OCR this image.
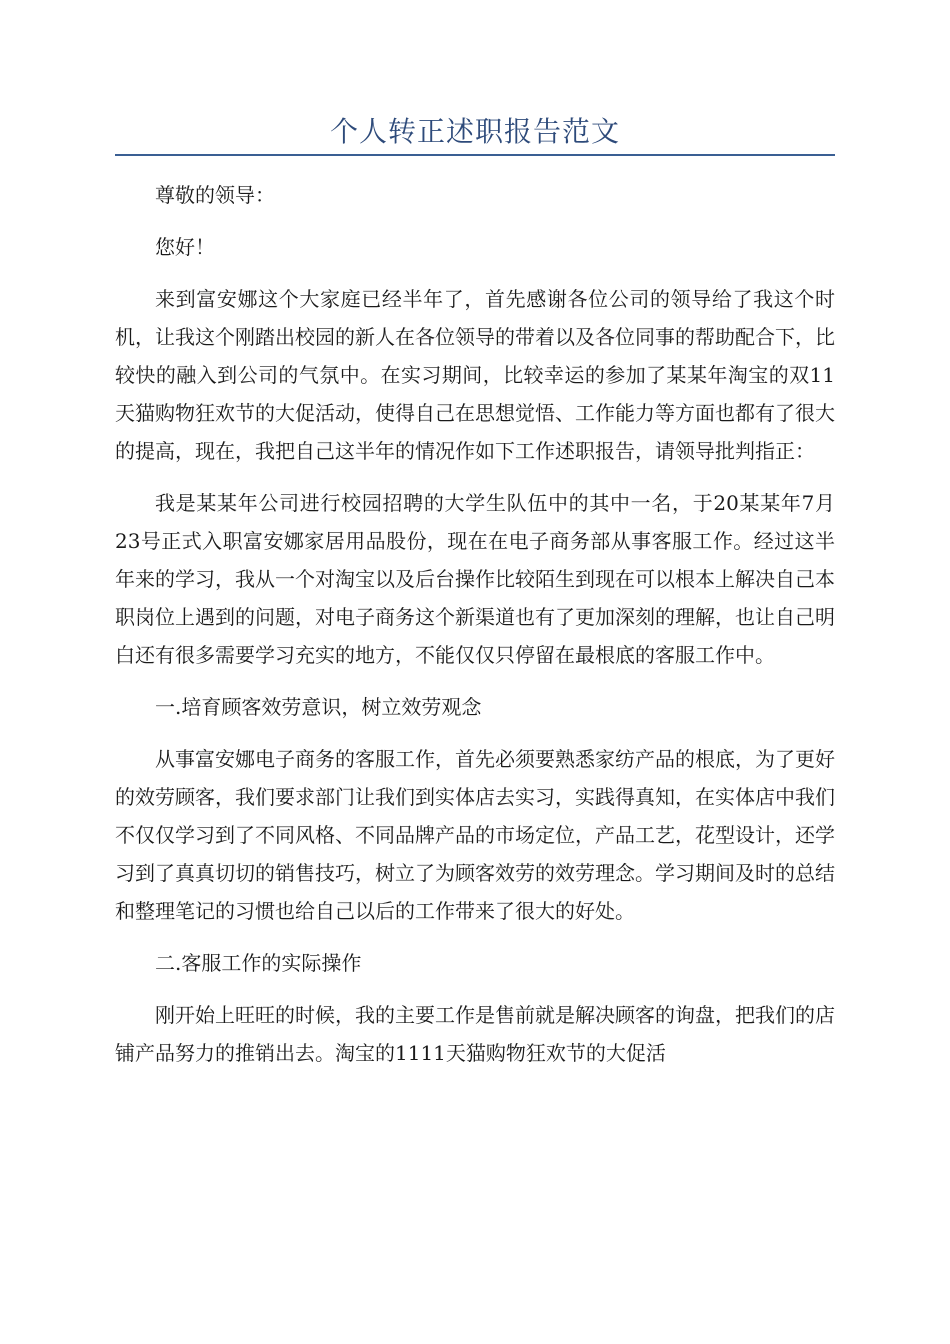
个人转正述职报告范文

尊敬的领导：

您好！

来到富安娜这个大家庭已经半年了，首先感谢各位公司的领导给了我这个时机，让我这个刚踏出校园的新人在各位领导的带着以及各位同事的帮助配合下，比较快的融入到公司的气氛中。在实习期间，比较幸运的参加了某某年淘宝的双11天猫购物狂欢节的大促活动，使得自己在思想觉悟、工作能力等方面也都有了很大的提高，现在，我把自己这半年的情况作如下工作述职报告，请领导批判指正：

我是某某年公司进行校园招聘的大学生队伍中的其中一名，于20某某年7月23号正式入职富安娜家居用品股份，现在在电子商务部从事客服工作。经过这半年来的学习，我从一个对淘宝以及后台操作比较陌生到现在可以根本上解决自己本职岗位上遇到的问题，对电子商务这个新渠道也有了更加深刻的理解，也让自己明白还有很多需要学习充实的地方，不能仅仅只停留在最根底的客服工作中。

一.培育顾客效劳意识，树立效劳观念

从事富安娜电子商务的客服工作，首先必须要熟悉家纺产品的根底，为了更好的效劳顾客，我们要求部门让我们到实体店去实习，实践得真知，在实体店中我们不仅仅学习到了不同风格、不同品牌产品的市场定位，产品工艺，花型设计，还学习到了真真切切的销售技巧，树立了为顾客效劳的效劳理念。学习期间及时的总结和整理笔记的习惯也给自己以后的工作带来了很大的好处。

二.客服工作的实际操作

刚开始上旺旺的时候，我的主要工作是售前就是解决顾客的询盘，把我们的店铺产品努力的推销出去。淘宝的1111天猫购物狂欢节的大促活
